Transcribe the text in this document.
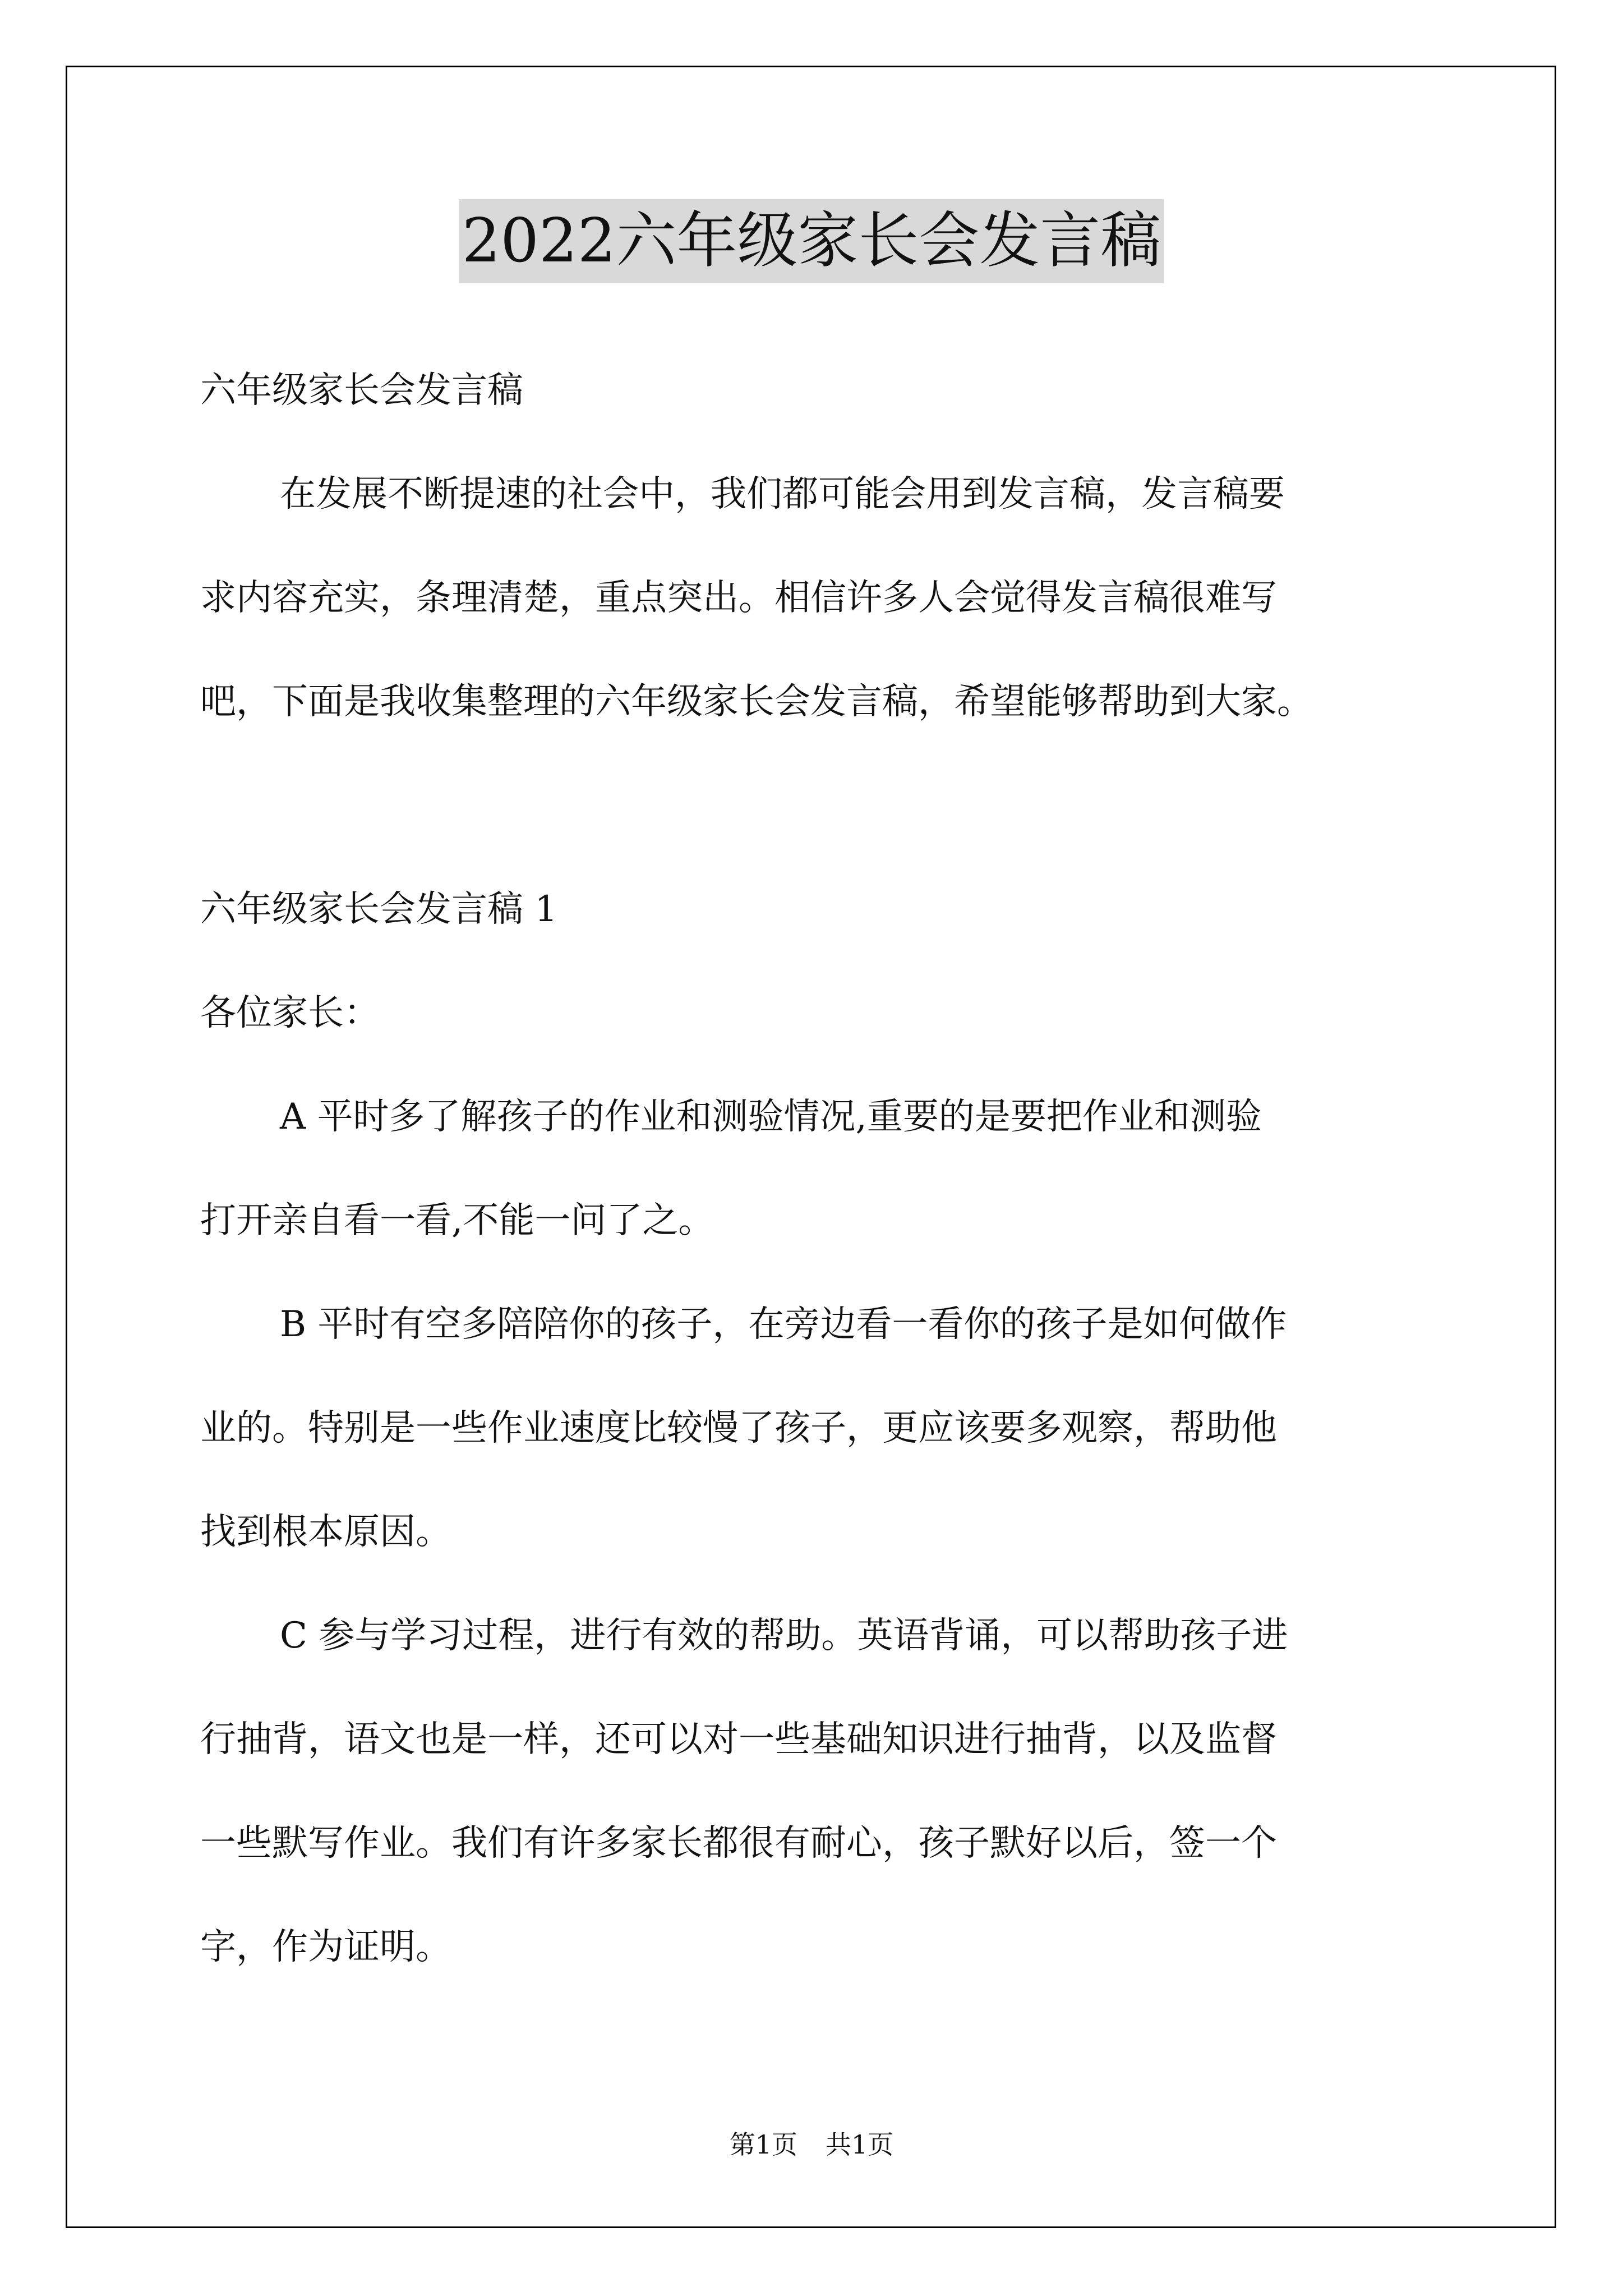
2022六年级家长会发言稿

六年级家长会发言稿

在发展不断提速的社会中，我们都可能会用到发言稿，发言稿要

求内容充实，条理清楚，重点突出。相信许多人会觉得发言稿很难写

吧，下面是我收集整理的六年级家长会发言稿，希望能够帮助到大家。

六年级家长会发言稿 1

各位家长：

A 平时多了解孩子的作业和测验情况,重要的是要把作业和测验

打开亲自看一看,不能一问了之。

B 平时有空多陪陪你的孩子，在旁边看一看你的孩子是如何做作

业的。特别是一些作业速度比较慢了孩子，更应该要多观察，帮助他

找到根本原因。

C 参与学习过程，进行有效的帮助。英语背诵，可以帮助孩子进

行抽背，语文也是一样，还可以对一些基础知识进行抽背，以及监督

一些默写作业。我们有许多家长都很有耐心，孩子默好以后，签一个

字，作为证明。

第1页 共1页
